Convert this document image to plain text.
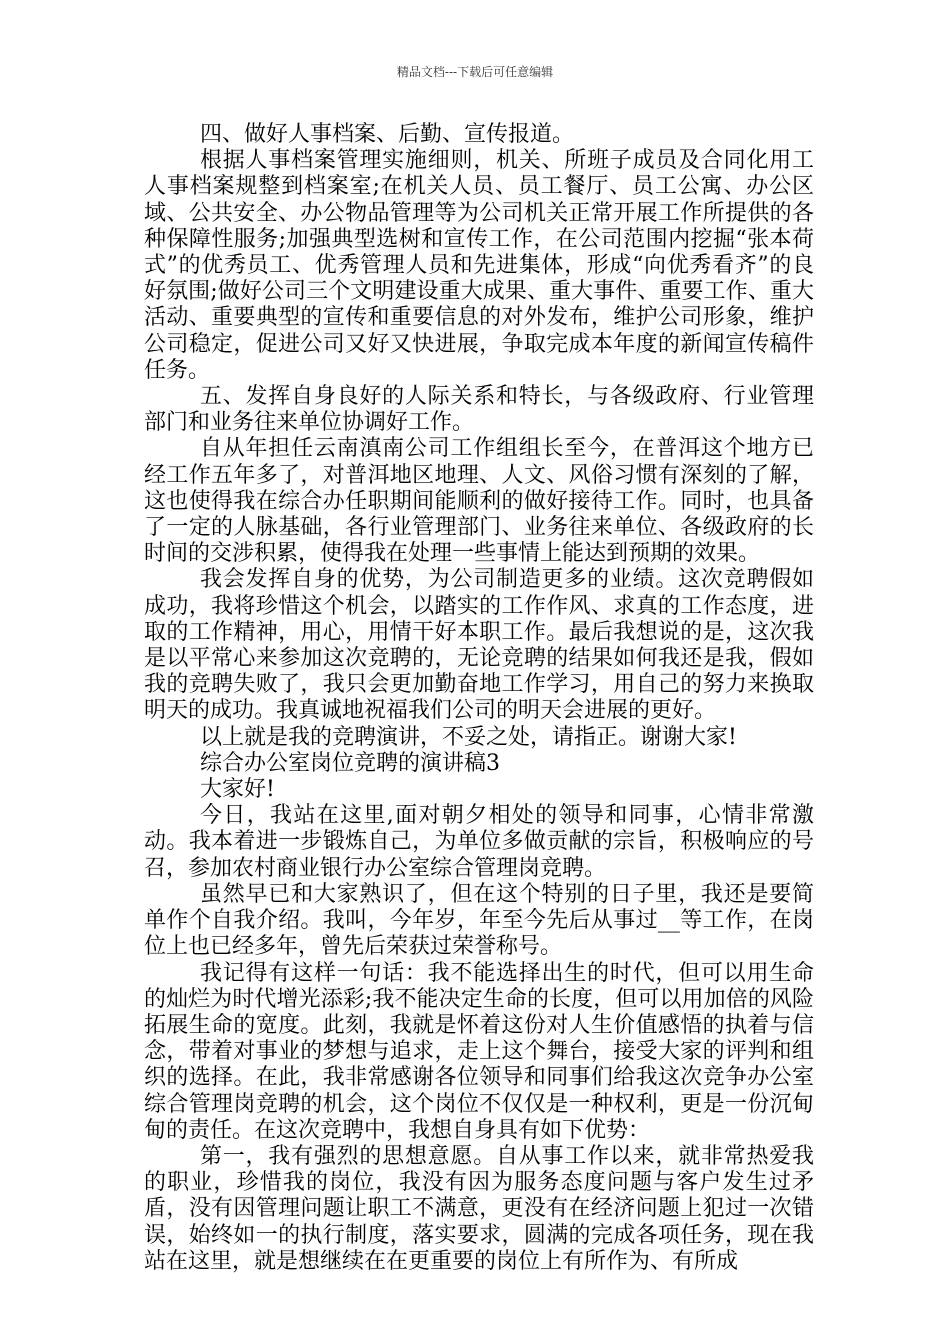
精品文档---下载后可任意编辑

四、做好人事档案、后勤、宣传报道。

根据人事档案管理实施细则，机关、所班子成员及合同化用工人事档案规整到档案室;在机关人员、员工餐厅、员工公寓、办公区域、公共安全、办公物品管理等为公司机关正常开展工作所提供的各种保障性服务;加强典型选树和宣传工作，在公司范围内挖掘“张本荷式”的优秀员工、优秀管理人员和先进集体，形成“向优秀看齐”的良好氛围;做好公司三个文明建设重大成果、重大事件、重要工作、重大活动、重要典型的宣传和重要信息的对外发布，维护公司形象，维护公司稳定，促进公司又好又快进展，争取完成本年度的新闻宣传稿件任务。

五、发挥自身良好的人际关系和特长，与各级政府、行业管理部门和业务往来单位协调好工作。

自从年担任云南滇南公司工作组组长至今，在普洱这个地方已经工作五年多了，对普洱地区地理、人文、风俗习惯有深刻的了解，这也使得我在综合办任职期间能顺利的做好接待工作。同时，也具备了一定的人脉基础，各行业管理部门、业务往来单位、各级政府的长时间的交涉积累，使得我在处理一些事情上能达到预期的效果。

我会发挥自身的优势，为公司制造更多的业绩。这次竞聘假如成功，我将珍惜这个机会，以踏实的工作作风、求真的工作态度，进取的工作精神，用心，用情干好本职工作。最后我想说的是，这次我是以平常心来参加这次竞聘的，无论竞聘的结果如何我还是我，假如我的竞聘失败了，我只会更加勤奋地工作学习，用自己的努力来换取明天的成功。我真诚地祝福我们公司的明天会进展的更好。

以上就是我的竞聘演讲，不妥之处，请指正。谢谢大家!

综合办公室岗位竞聘的演讲稿3

大家好!

今日，我站在这里,面对朝夕相处的领导和同事，心情非常激动。我本着进一步锻炼自己，为单位多做贡献的宗旨，积极响应的号召，参加农村商业银行办公室综合管理岗竞聘。

虽然早已和大家熟识了，但在这个特别的日子里，我还是要简单作个自我介绍。我叫，今年岁，年至今先后从事过__等工作，在岗位上也已经多年，曾先后荣获过荣誉称号。

我记得有这样一句话：我不能选择出生的时代，但可以用生命的灿烂为时代增光添彩;我不能决定生命的长度，但可以用加倍的风险拓展生命的宽度。此刻，我就是怀着这份对人生价值感悟的执着与信念，带着对事业的梦想与追求，走上这个舞台，接受大家的评判和组织的选择。在此，我非常感谢各位领导和同事们给我这次竞争办公室综合管理岗竞聘的机会，这个岗位不仅仅是一种权利，更是一份沉甸甸的责任。在这次竞聘中，我想自身具有如下优势：

第一，我有强烈的思想意愿。自从事工作以来，就非常热爱我的职业，珍惜我的岗位，我没有因为服务态度问题与客户发生过矛盾，没有因管理问题让职工不满意，更没有在经济问题上犯过一次错误，始终如一的执行制度，落实要求，圆满的完成各项任务，现在我站在这里，就是想继续在在更重要的岗位上有所作为、有所成
